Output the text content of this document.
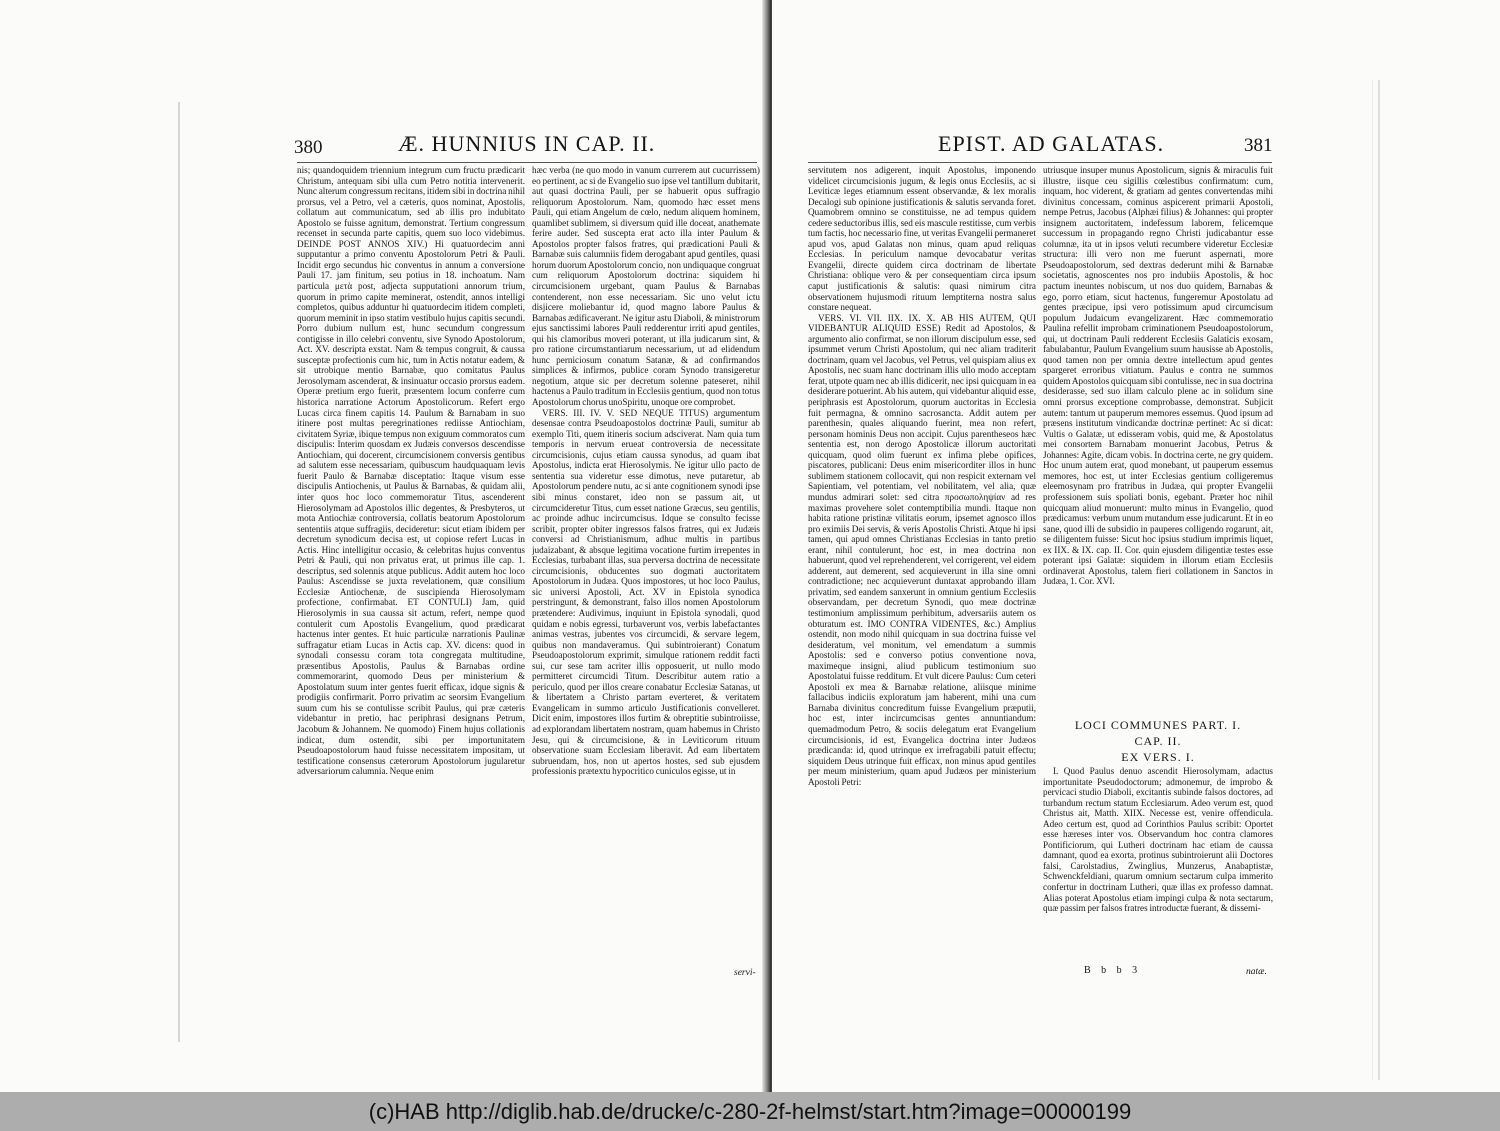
380	Æ. HUNNIUS IN CAP. II.

nis; quandoquidem triennium integrum cum fructu prædicarit Christum, antequam sibi ulla cum Petro notitia intervenerit. Nunc alterum congressum recitans, itidem sibi in doctrina nihil prorsus, vel a Petro, vel a cæteris, quos nominat, Apostolis, collatum aut communicatum, sed ab illis pro indubitato Apostolo se fuisse agnitum, demonstrat. Tertium congressum recenset in secunda parte capitis, quem suo loco videbimus. DEINDE POST ANNOS XIV.) Hi quatuordecim anni supputantur a primo conventu Apostolorum Petri & Pauli. Incidit ergo secundus hic conventus in annum a conversione Pauli 17. jam finitum, seu potius in 18. inchoatum. Nam particula μετὰ post, adjecta supputationi annorum trium, quorum in primo capite meminerat, ostendit, annos intelligi completos, quibus adduntur hi quatuordecim itidem completi, quorum meminit in ipso statim vestibulo hujus capitis secundi. Porro dubium nullum est, hunc secundum congressum contigisse in illo celebri conventu, sive Synodo Apostolorum, Act. XV. descripta exstat. Nam & tempus congruit, & caussa susceptæ profectionis cum hic, tum in Actis notatur eadem, & sit utrobique mentio Barnabæ, quo comitatus Paulus Jerosolymam ascenderat, & insinuatur occasio prorsus eadem. Operæ pretium ergo fuerit, præsentem locum conferre cum historica narratione Actorum Apostolicorum. Refert ergo Lucas circa finem capitis 14. Paulum & Barnabam in suo itinere post multas peregrinationes rediisse Antiochiam, civitatem Syriæ, ibique tempus non exiguum commoratos cum discipulis: Interim quosdam ex Judæis conversos descendisse Antiochiam, qui docerent, circumcisionem conversis gentibus ad salutem esse necessariam, quibuscum haudquaquam levis fuerit Paulo & Barnabæ disceptatio: Itaque visum esse discipulis Antiochenis, ut Paulus & Barnabas, & quidam alii, inter quos hoc loco commemoratur Titus, ascenderent Hierosolymam ad Apostolos illic degentes, & Presbyteros, ut mota Antiochiæ controversia, collatis beatorum Apostolorum sententiis atque suffragiis, decideretur: sicut etiam ibidem per decretum synodicum decisa est, ut copiose refert Lucas in Actis. Hinc intelligitur occasio, & celebritas hujus conventus Petri & Pauli, qui non privatus erat, ut primus ille cap. 1. descriptus, sed solennis atque publicus. Addit autem hoc loco Paulus: Ascendisse se juxta revelationem, quæ consilium Ecclesiæ Antiochenæ, de suscipienda Hierosolymam profectione, confirmabat. ET CONTULI) Jam, quid Hierosolymis in sua caussa sit actum, refert, nempe quod contulerit cum Apostolis Evangelium, quod prædicarat hactenus inter gentes. Et huic particulæ narrationis Paulinæ suffragatur etiam Lucas in Actis cap. XV. dicens: quod in synodali consessu coram tota congregata multitudine, præsentibus Apostolis, Paulus & Barnabas ordine commemorarint, quomodo Deus per ministerium & Apostolatum suum inter gentes fuerit efficax, idque signis & prodigiis confirmarit. Porro privatim ac seorsim Evangelium suum cum his se contulisse scribit Paulus, qui præ cæteris videbantur in pretio, hac periphrasi designans Petrum, Jacobum & Johannem. Ne quomodo) Finem hujus collationis indicat, dum ostendit, sibi per importunitatem Pseudoapostolorum haud fuisse necessitatem impositam, ut testificatione consensus cæterorum Apostolorum jugularetur adversariorum calumnia. Neque enim

hæc verba (ne quo modo in vanum currerem aut cucurrissem) eo pertinent, ac si de Evangelio suo ipse vel tantillum dubitarit, aut quasi doctrina Pauli, per se habuerit opus suffragio reliquorum Apostolorum. Nam, quomodo hæc esset mens Pauli, qui etiam Angelum de cœlo, nedum aliquem hominem, quamlibet sublimem, si diversum quid ille doceat, anathemate ferire auder. Sed suscepta erat acto illa inter Paulum & Apostolos propter falsos fratres, qui prædicationi Pauli & Barnabæ suis calumniis fidem derogabant apud gentiles, quasi horum duorum Apostolorum concio, non undiquaque congruat cum reliquorum Apostolorum doctrina: siquidem hi circumcisionem urgebant, quam Paulus & Barnabas contenderent, non esse necessariam. Sic uno velut ictu disjicere moliebantur id, quod magno labore Paulus & Barnabas ædificaverant. Ne igitur astu Diaboli, & ministrorum ejus sanctissimi labores Pauli redderentur irriti apud gentiles, qui his clamoribus moveri poterant, ut illa judicarum sint, & pro ratione circumstantiarum necessarium, ut ad elidendum hunc perniciosum conatum Satanæ, & ad confirmandos simplices & infirmos, publice coram Synodo transigeretur negotium, atque sic per decretum solenne pateseret, nihil hactenus a Paulo traditum in Ecclesiis gentium, quod non totus Apostolorum chorus unoSpiritu, unoque ore comprobet.

VERS. III. IV. V. SED NEQUE TITUS) argumentum desensae contra Pseudoapostolos doctrinæ Pauli, sumitur ab exemplo Titi, quem itineris socium adsciverat. Nam quia tum temporis in nervum erueat controversia de necessitate circumcisionis, cujus etiam caussa synodus, ad quam ibat Apostolus, indicta erat Hierosolymis. Ne igitur ullo pacto de sententia sua videretur esse dimotus, neve putaretur, ab Apostolorum pendere nutu, ac si ante cognitionem synodi ipse sibi minus constaret, ideo non se passum ait, ut circumcideretur Titus, cum esset natione Græcus, seu gentilis, ac proinde adhuc incircumcisus. Idque se consulto fecisse scribit, propter obiter ingressos falsos fratres, qui ex Judæis conversi ad Christianismum, adhuc multis in partibus judaizabant, & absque legitima vocatione furtim irrepentes in Ecclesias, turbabant illas, sua perversa doctrina de necessitate circumcisionis, obducentes suo dogmati auctoritatem Apostolorum in Judæa. Quos impostores, ut hoc loco Paulus, sic universi Apostoli, Act. XV in Epistola synodica perstringunt, & demonstrant, falso illos nomen Apostolorum prætendere: Audivimus, inquiunt in Epistola synodali, quod quidam e nobis egressi, turbaverunt vos, verbis labefactantes animas vestras, jubentes vos circumcidi, & servare legem, quibus non mandaveramus. Qui subintroierant) Conatum Pseudoapostolorum exprimit, simulque rationem reddit facti sui, cur sese tam acriter illis opposuerit, ut nullo modo permitteret circumcidi Titum. Describitur autem ratio a periculo, quod per illos creare conabatur Ecclesiæ Satanas, ut & libertatem a Christo partam everteret, & veritatem Evangelicam in summo articulo Justificationis convelleret. Dicit enim, impostores illos furtim & obreptitie subintroiisse, ad explorandam libertatem nostram, quam habemus in Christo Jesu, qui & circumcisione, & in Leviticorum rituum observatione suam Ecclesiam liberavit. Ad eam libertatem subruendam, hos, non ut apertos hostes, sed sub ejusdem professionis prætextu hypocritico cuniculos egisse, ut in

servi-
EPIST. AD GALATAS.	381

servitutem nos adigerent, inquit Apostolus, imponendo videlicet circumcisionis jugum, & legis onus Ecclesiis, ac si Leviticæ leges etiamnum essent observandæ, & lex moralis Decalogi sub opinione justificationis & salutis servanda foret. Quamobrem omnino se constituisse, ne ad tempus quidem cedere seductoribus illis, sed eis masculе restitisse, cum verbis tum factis, hoc necessario fine, ut veritas Evangelii permaneret apud vos, apud Galatas non minus, quam apud reliquas Ecclesias. In periculum namque devocabatur veritas Evangelii, directe quidem circa doctrinam de libertate Christiana: oblique vero & per consequentiam circa ipsum caput justificationis & salutis: quasi nimirum citra observationem hujusmodi rituum lemptiterna nostra salus constare nequeat.

VERS. VI. VII. IIX. IX. X. AB HIS AUTEM, QUI VIDEBANTUR ALIQUID ESSE) Redit ad Apostolos, & argumento alio confirmat, se non illorum discipulum esse, sed ipsummet verum Christi Apostolum, qui nec aliam traditerit doctrinam, quam vel Jacobus, vel Petrus, vel quispiam alius ex Apostolis, nec suam hanc doctrinam illis ullo modo acceptam ferat, utpote quam nec ab illis didicerit, nec ipsi quicquam in ea desiderare potuerint. Ab his autem, qui videbantur aliquid esse, periphrasis est Apostolorum, quorum auctoritas in Ecclesia fuit permagna, & omnino sacrosancta. Addit autem per parenthesin, quales aliquando fuerint, mea non refert, personam hominis Deus non accipit. Cujus parentheseos hæc sententia est, non derogo Apostolicæ illorum auctoritati quicquam, quod olim fuerunt ex infima plebe opifices, piscatores, publicani: Deus enim misericorditer illos in hunc sublimem stationem collocavit, qui non respicit externam vel Sapientiam, vel potentiam, vel nobilitatem, vel alia, quæ mundus admirari solet: sed citra προσωποληψίαν ad res maximas provehere solet contemptibilia mundi. Itaque non habita ratione pristinæ vilitatis eorum, ipsemet agnosco illos pro eximiis Dei servis, & veris Apostolis Christi. Atque hi ipsi tamen, qui apud omnes Christianas Ecclesias in tanto pretio erant, nihil contulerunt, hoc est, in mea doctrina non habuerunt, quod vel reprehenderent, vel corrigerent, vel eidem adderent, aut demerent, sed acquieverunt in illa sine omni contradictione; nec acquieverunt duntaxat approbando illam privatim, sed eandem sanxerunt in omnium gentium Ecclesiis observandam, per decretum Synodi, quo meæ doctrinæ testimonium amplissimum perhibitum, adversariis autem os obturatum est. IMO CONTRA VIDENTES, &c.) Amplius ostendit, non modo nihil quicquam in sua doctrina fuisse vel desideratum, vel monitum, vel emendatum a summis Apostolis: sed e converso potius conventione nova, maximeque insigni, aliud publicum testimonium suo Apostolatui fuisse redditum. Et vult dicere Paulus: Cum ceteri Apostoli ex mea & Barnabæ relatione, aliisque minime fallacibus indiciis exploratum jam haberent, mihi una cum Barnaba divinitus concreditum fuisse Evangelium præputii, hoc est, inter incircumcisas gentes annuntiandum: quemadmodum Petro, & sociis delegatum erat Evangelium circumcisionis, id est, Evangelica doctrina inter Judæos prædicanda: id, quod utrinque ex irrefragabili patuit effectu; siquidem Deus utrinque fuit efficax, non minus apud gentiles per meum ministerium, quam apud Judæos per ministerium Apostoli Petri:

utriusque insuper munus Apostolicum, signis & miraculis fuit illustre, iisque ceu sigillis cœlestibus confirmatum: cum, inquam, hoc viderent, & gratiam ad gentes convertendas mihi divinitus concessam, cominus aspicerent primarii Apostoli, nempe Petrus, Jacobus (Alphæi filius) & Johannes: qui propter insignem auctoritatem, indefessum laborem, felicemque successum in propagando regno Christi judicabantur esse columnæ, ita ut in ipsos veluti recumbere videretur Ecclesiæ structura: illi vero non me fuerunt aspernati, more Pseudoapostolorum, sed dextras dederunt mihi & Barnabæ societatis, agnoscentes nos pro indubiis Apostolis, & hoc pactum ineuntes nobiscum, ut nos duo quidem, Barnabas & ego, porro etiam, sicut hactenus, fungeremur Apostolatu ad gentes præcipue, ipsi vero potissimum apud circumcisum populum Judaicum evangelizarent. Hæc commemoratio Paulina refellit improbam criminationem Pseudoapostolorum, qui, ut doctrinam Pauli redderent Ecclesiis Galaticis exosam, fabulabantur, Paulum Evangelium suum hausisse ab Apostolis, quod tamen non per omnia dextre intellectum apud gentes spargeret erroribus vitiatum. Paulus e contra ne summos quidem Apostolos quicquam sibi contulisse, nec in sua doctrina desiderasse, sed suo illam calculo plene ac in solidum sine omni prorsus exceptione comprobasse, demonstrat. Subjicit autem: tantum ut pauperum memores essemus. Quod ipsum ad præsens institutum vindicandæ doctrinæ pertinet: Ac si dicat: Vultis o Galatæ, ut edisseram vobis, quid me, & Apostolatus mei consortem Barnabam monuerint Jacobus, Petrus & Johannes: Agite, dicam vobis. In doctrina certe, ne gry quidem. Hoc unum autem erat, quod monebant, ut pauperum essemus memores, hoc est, ut inter Ecclesias gentium colligeremus eleemosynam pro fratribus in Judæa, qui propter Evangelii professionem suis spoliati bonis, egebant. Præter hoc nihil quicquam aliud monuerunt: multo minus in Evangelio, quod prædicamus: verbum unum mutandum esse judicarunt. Et in eo sane, quod illi de subsidio in pauperes colligendo rogarunt, ait, se diligentem fuisse: Sicut hoc ipsius studium imprimis liquet, ex IIX. & IX. cap. II. Cor. quin ejusdem diligentiæ testes esse poterant ipsi Galatæ: siquidem in illorum etiam Ecclesiis ordinaverat Apostolus, talem fieri collationem in Sanctos in Judæa, 1. Cor. XVI.

LOCI COMMUNES PART. I.
CAP. II.
EX VERS. I.

I. Quod Paulus denuo ascendit Hierosolymam, adactus importunitate Pseudodoctorum; admonemur, de improbo & pervicaci studio Diaboli, excitantis subinde falsos doctores, ad turbandum rectum statum Ecclesiarum. Adeo verum est, quod Christus ait, Matth. XIIX. Necesse est, venire offendicula. Adeo certum est, quod ad Corinthios Paulus scribit: Oportet esse hæreses inter vos. Observandum hoc contra clamores Pontificiorum, qui Lutheri doctrinam hac etiam de caussa damnant, quod ea exorta, protinus subintroierunt alii Doctores falsi, Carolstadius, Zwinglius, Munzerus, Anabaptistæ, Schwenckfeldiani, quarum omnium sectarum culpa immerito confertur in doctrinam Lutheri, quæ illas ex professo damnat. Alias poterat Apostolus etiam impingi culpa & nota sectarum, quæ passim per falsos fratres introductæ fuerant, & dissemi-

B b b 3	natæ.
(c)HAB http://diglib.hab.de/drucke/c-280-2f-helmst/start.htm?image=00000199
